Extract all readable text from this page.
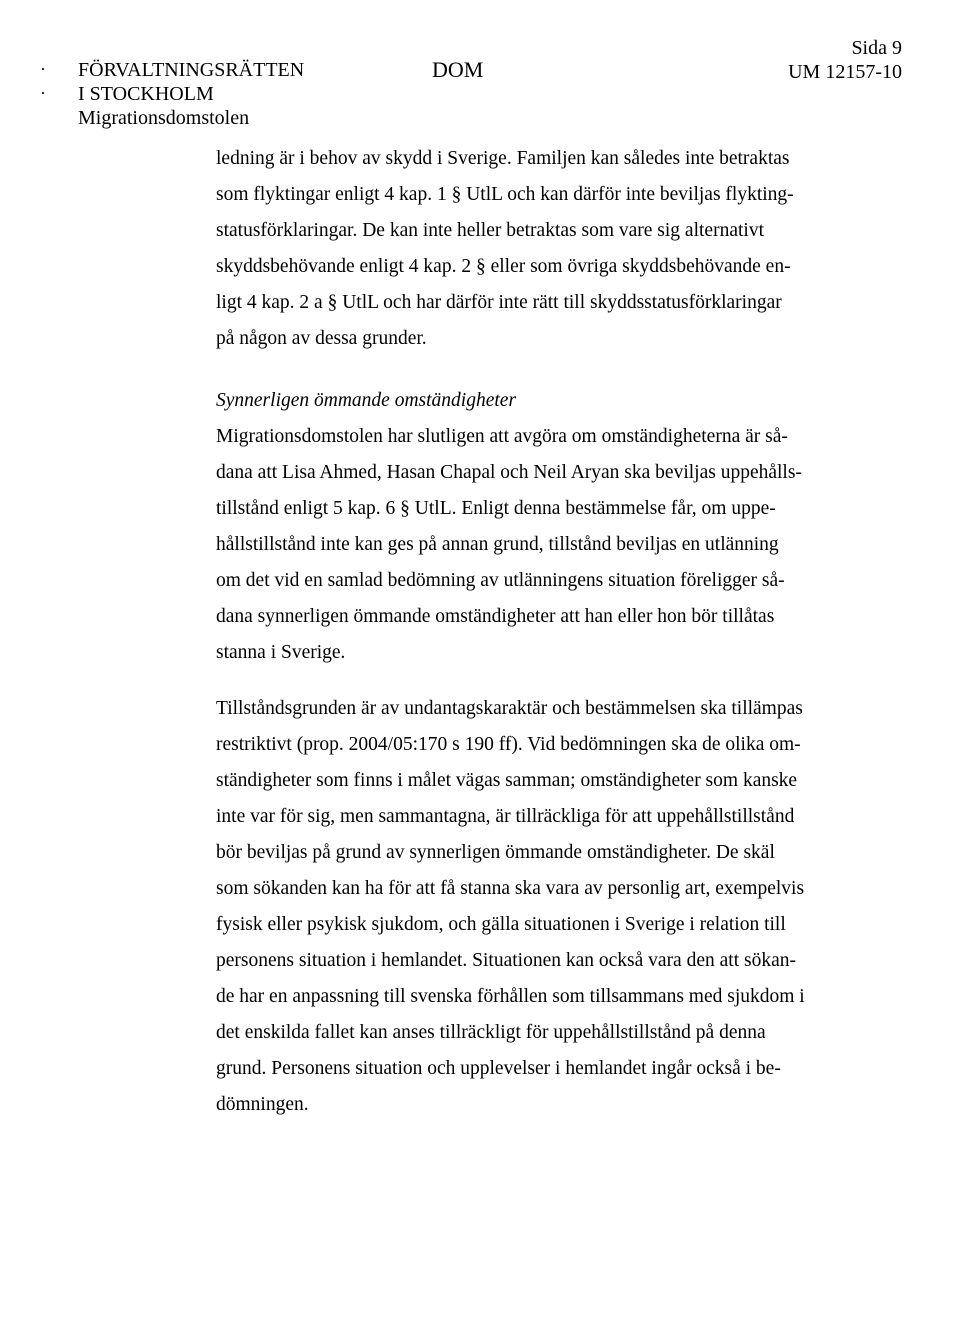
·
·
FÖRVALTNINGSRÄTTEN
I STOCKHOLM
Migrationsdomstolen
DOM
Sida 9
UM 12157-10
ledning är i behov av skydd i Sverige. Familjen kan således inte betraktas
som flyktingar enligt 4 kap. 1 § UtlL och kan därför inte beviljas flykting-
statusförklaringar. De kan inte heller betraktas som vare sig alternativt
skyddsbehövande enligt 4 kap. 2 § eller som övriga skyddsbehövande en-
ligt 4 kap. 2 a § UtlL och har därför inte rätt till skyddsstatusförklaringar
på någon av dessa grunder.
Synnerligen ömmande omständigheter
Migrationsdomstolen har slutligen att avgöra om omständigheterna är så-
dana att Lisa Ahmed, Hasan Chapal och Neil Aryan ska beviljas uppehålls-
tillstånd enligt 5 kap. 6 § UtlL. Enligt denna bestämmelse får, om uppe-
hållstillstånd inte kan ges på annan grund, tillstånd beviljas en utlänning
om det vid en samlad bedömning av utlänningens situation föreligger så-
dana synnerligen ömmande omständigheter att han eller hon bör tillåtas
stanna i Sverige.
Tillståndsgrunden är av undantagskaraktär och bestämmelsen ska tillämpas
restriktivt (prop. 2004/05:170 s 190 ff). Vid bedömningen ska de olika om-
ständigheter som finns i målet vägas samman; omständigheter som kanske
inte var för sig, men sammantagna, är tillräckliga för att uppehållstillstånd
bör beviljas på grund av synnerligen ömmande omständigheter. De skäl
som sökanden kan ha för att få stanna ska vara av personlig art, exempelvis
fysisk eller psykisk sjukdom, och gälla situationen i Sverige i relation till
personens situation i hemlandet. Situationen kan också vara den att sökan-
de har en anpassning till svenska förhållen som tillsammans med sjukdom i
det enskilda fallet kan anses tillräckligt för uppehållstillstånd på denna
grund. Personens situation och upplevelser i hemlandet ingår också i be-
dömningen.
